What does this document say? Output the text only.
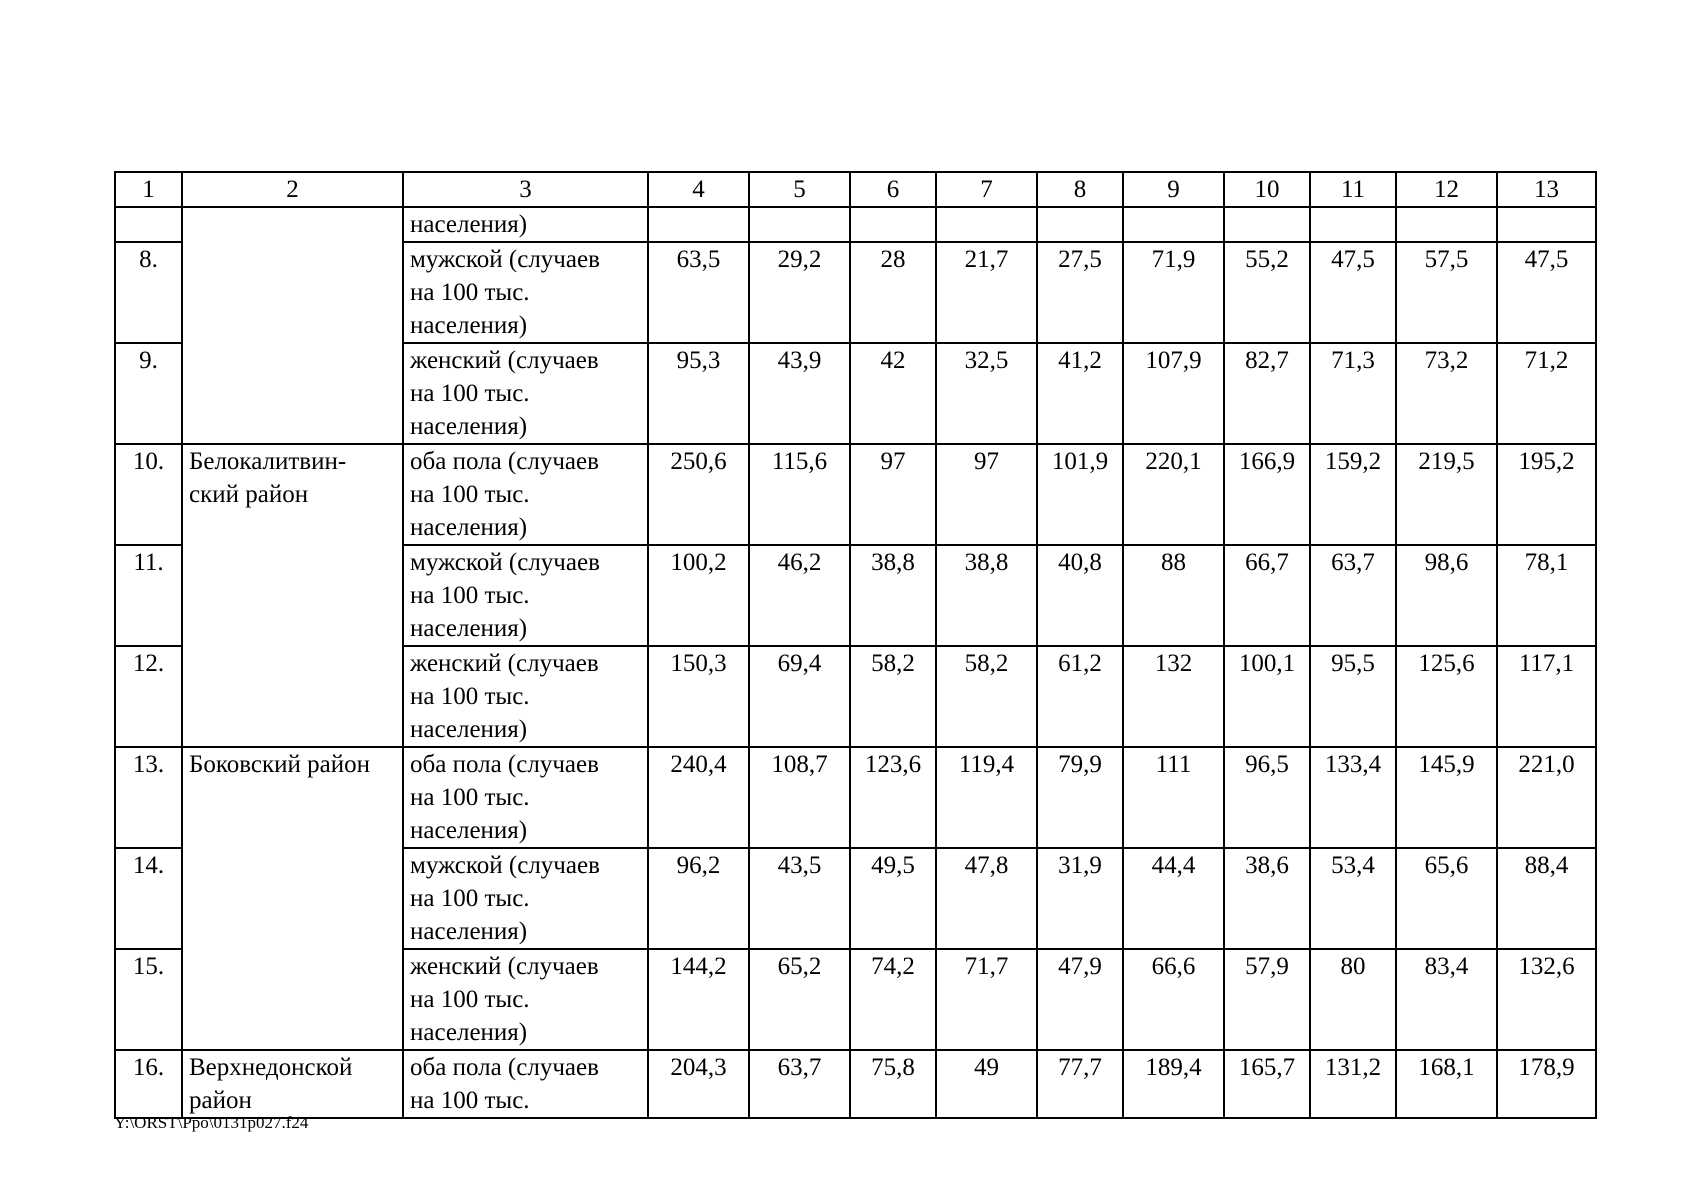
1	2	3	4	5	6	7	8	9	10	11	12	13
		населения)										
8.		мужской (случаев
на 100 тыс.
населения)	63,5	29,2	28	21,7	27,5	71,9	55,2	47,5	57,5	47,5
9.		женский (случаев
на 100 тыс.
населения)	95,3	43,9	42	32,5	41,2	107,9	82,7	71,3	73,2	71,2
10.	Белокалитвин-
ский район	оба пола (случаев
на 100 тыс.
населения)	250,6	115,6	97	97	101,9	220,1	166,9	159,2	219,5	195,2
11.		мужской (случаев
на 100 тыс.
населения)	100,2	46,2	38,8	38,8	40,8	88	66,7	63,7	98,6	78,1
12.		женский (случаев
на 100 тыс.
населения)	150,3	69,4	58,2	58,2	61,2	132	100,1	95,5	125,6	117,1
13.	Боковский район	оба пола (случаев
на 100 тыс.
населения)	240,4	108,7	123,6	119,4	79,9	111	96,5	133,4	145,9	221,0
14.		мужской (случаев
на 100 тыс.
населения)	96,2	43,5	49,5	47,8	31,9	44,4	38,6	53,4	65,6	88,4
15.		женский (случаев
на 100 тыс.
населения)	144,2	65,2	74,2	71,7	47,9	66,6	57,9	80	83,4	132,6
16.	Верхнедонской
район	оба пола (случаев
на 100 тыс.	204,3	63,7	75,8	49	77,7	189,4	165,7	131,2	168,1	178,9
Y:\ORST\Ppo\0131p027.f24
